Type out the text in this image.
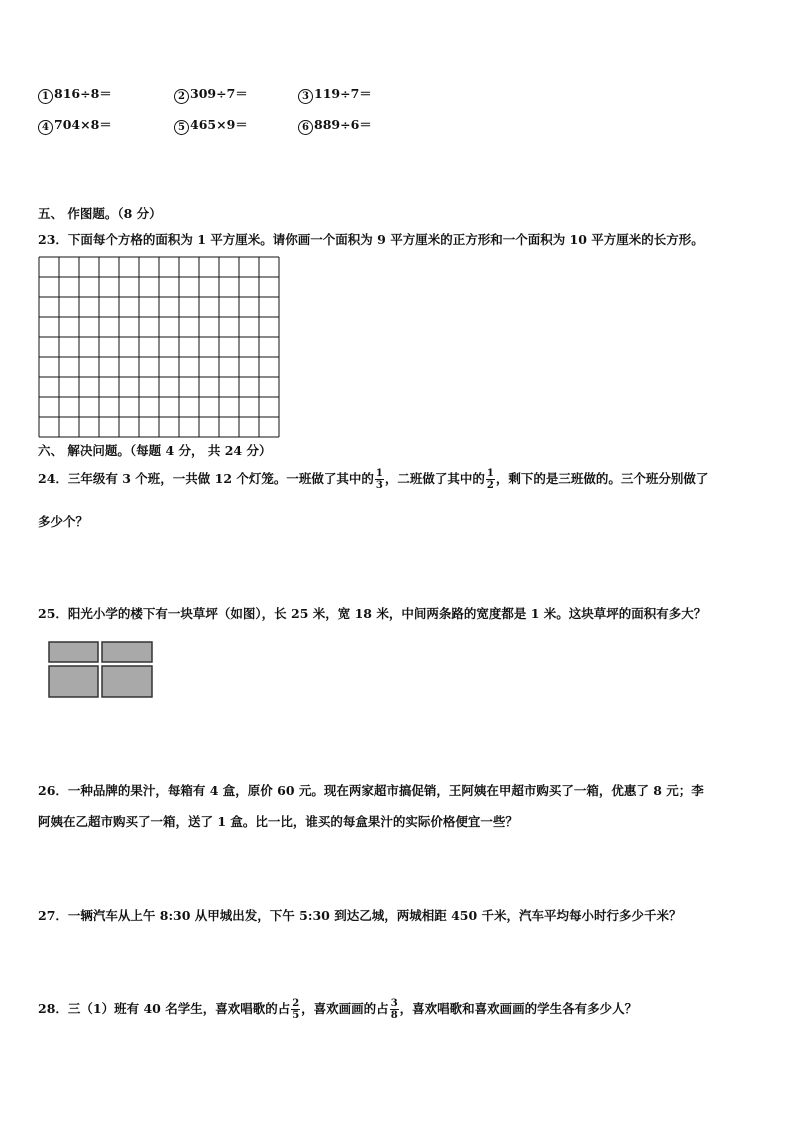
1 816÷8＝	2 309÷7＝	3 119÷7＝
4 704×8＝	5 465×9＝	6 889÷6＝
五、 作图题。（8 分）
23．下面每个方格的面积为 1 平方厘米。请你画一个面积为 9 平方厘米的正方形和一个面积为 10 平方厘米的长方形。
六、 解决问题。（每题 4 分， 共 24 分）
24．三年级有 3 个班，一共做 12 个灯笼。一班做了其中的 $\frac{1}{3}$ ，二班做了其中的 $\frac{1}{2}$ ，剩下的是三班做的。三个班分别做了
多少个？
25．阳光小学的楼下有一块草坪（如图），长 25 米，宽 18 米，中间两条路的宽度都是 1 米。这块草坪的面积有多大？
26．一种品牌的果汁，每箱有 4 盒，原价 60 元。现在两家超市搞促销，王阿姨在甲超市购买了一箱，优惠了 8 元；李
阿姨在乙超市购买了一箱，送了 1 盒。比一比，谁买的每盒果汁的实际价格便宜一些？
27．一辆汽车从上午 8:30 从甲城出发，下午 5:30 到达乙城，两城相距 450 千米，汽车平均每小时行多少千米？
28．三（1）班有 40 名学生，喜欢唱歌的占 $\frac{2}{5}$ ，喜欢画画的占 $\frac{3}{8}$ ，喜欢唱歌和喜欢画画的学生各有多少人？
